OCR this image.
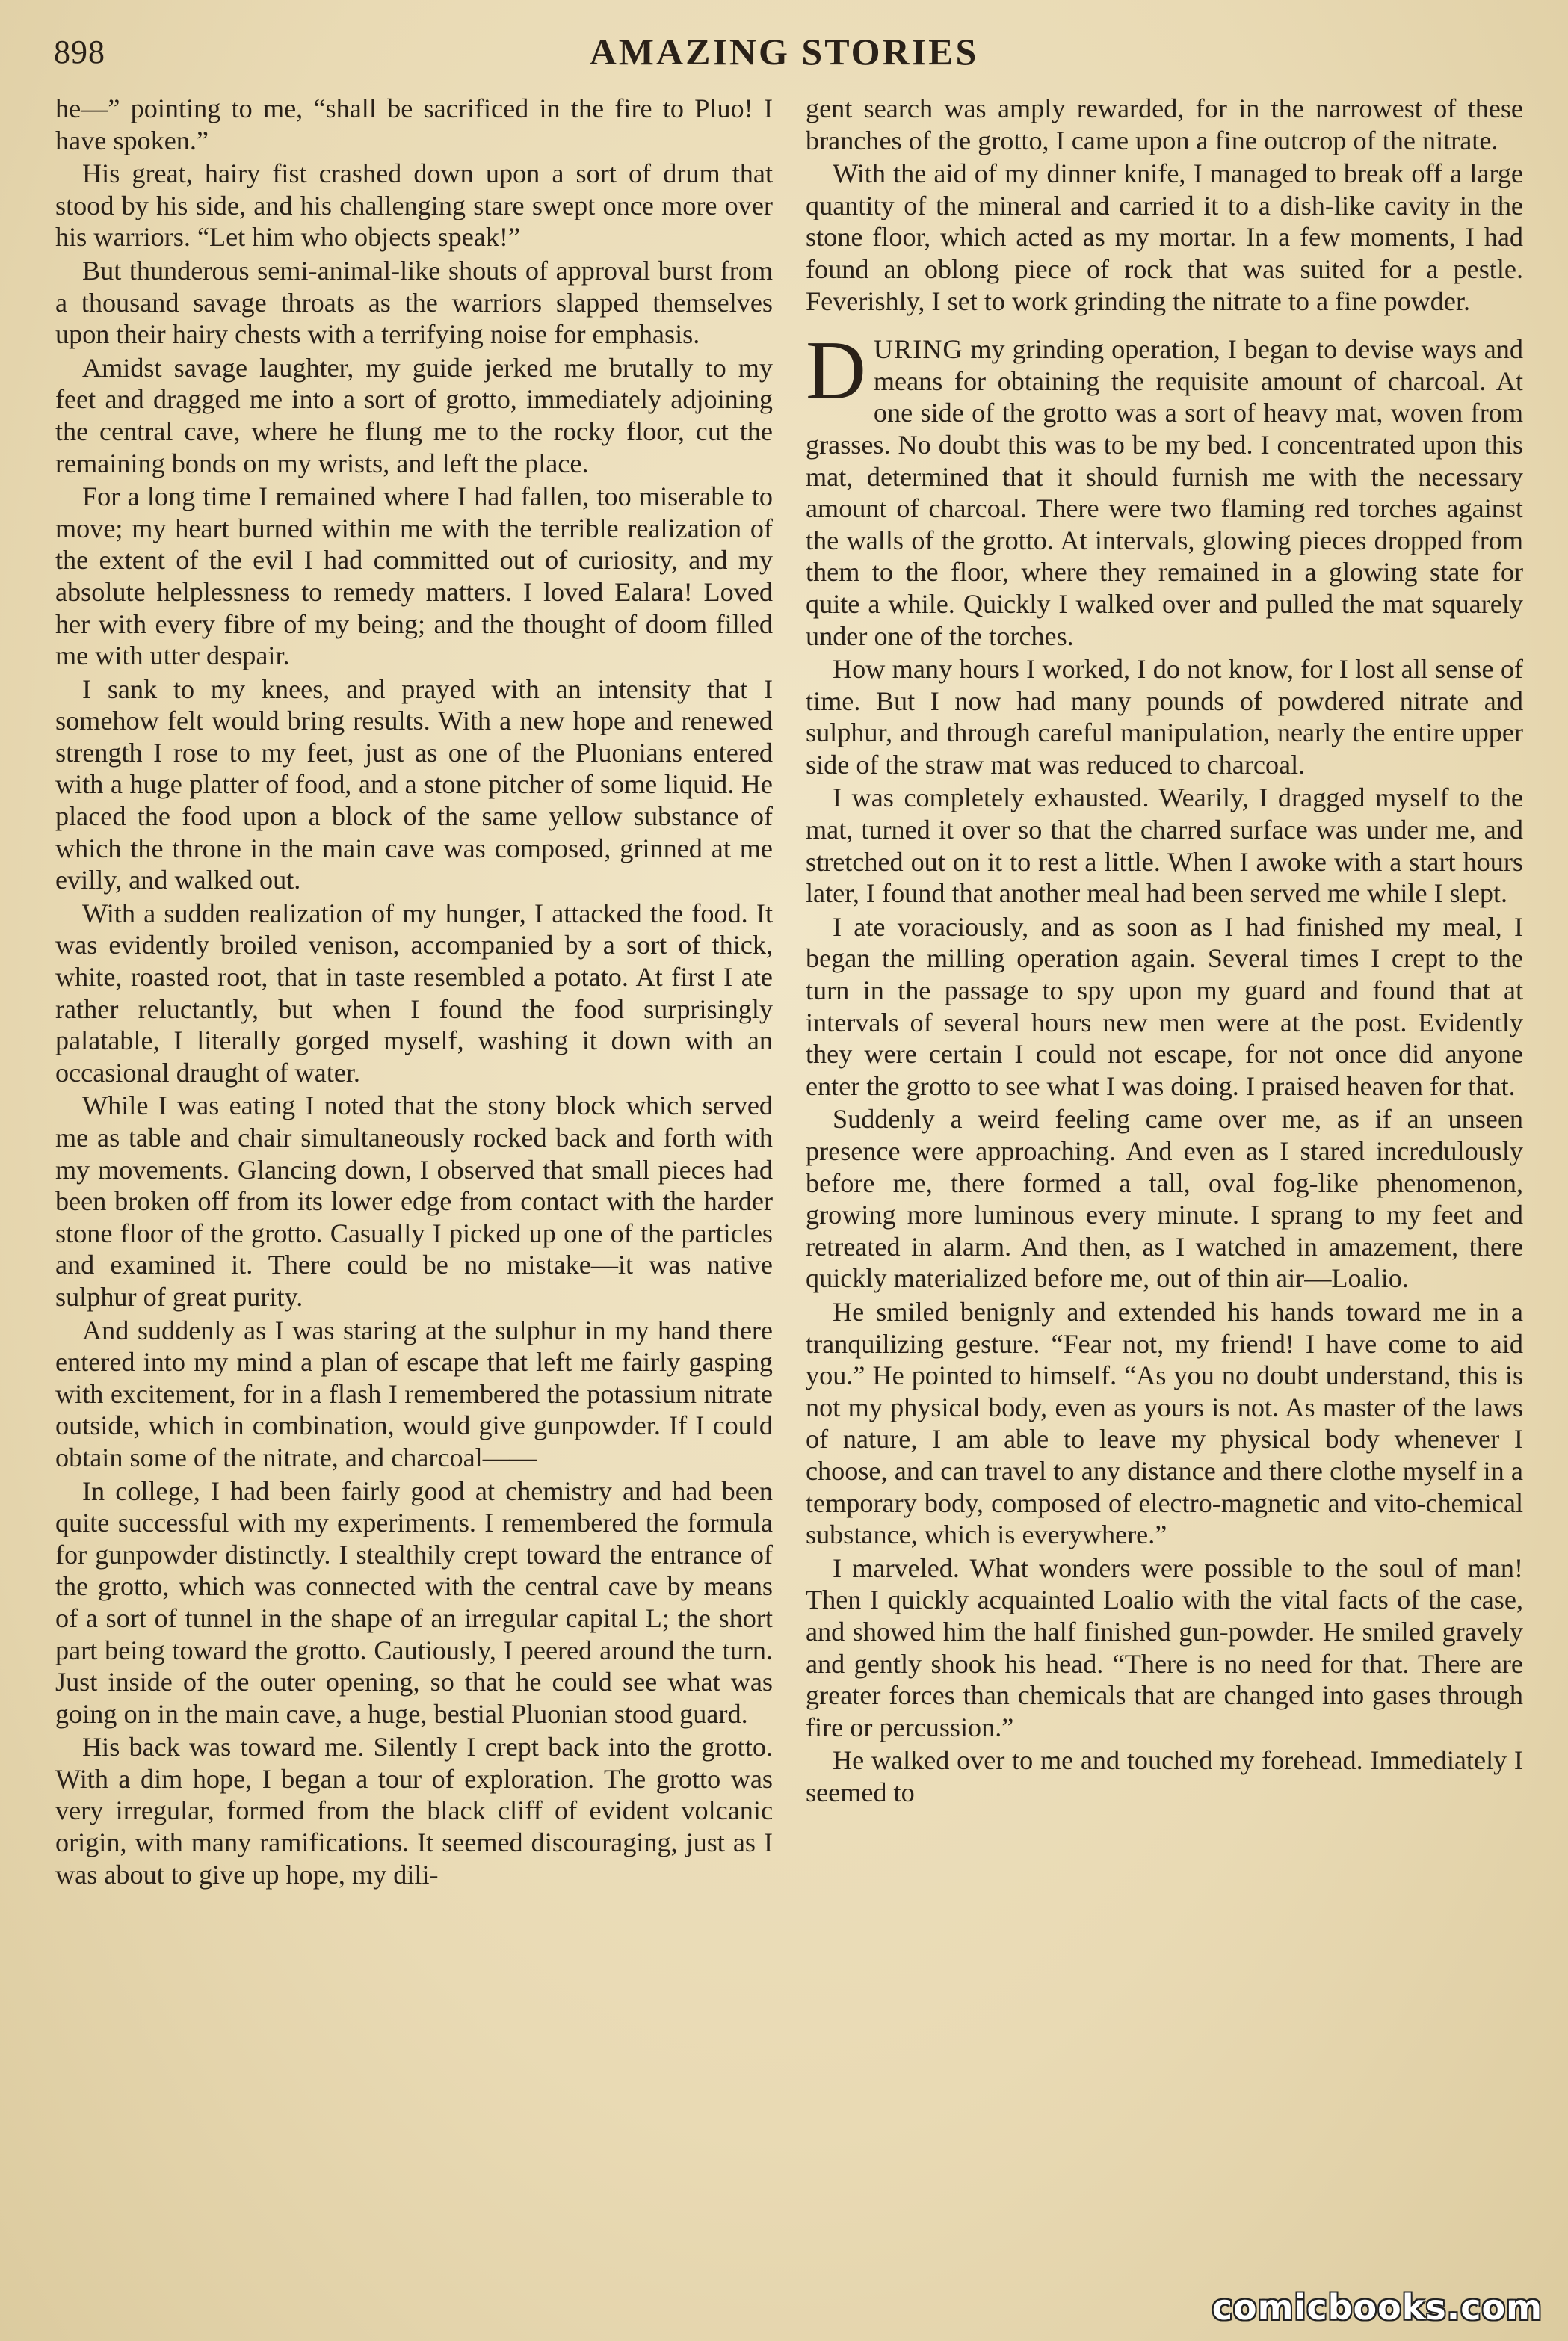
898	AMAZING STORIES

he—” pointing to me, “shall be sacrificed in the fire to Pluo! I have spoken.”

His great, hairy fist crashed down upon a sort of drum that stood by his side, and his challenging stare swept once more over his warriors. “Let him who objects speak!”

But thunderous semi-animal-like shouts of approval burst from a thousand savage throats as the warriors slapped themselves upon their hairy chests with a terrifying noise for emphasis.

Amidst savage laughter, my guide jerked me brutally to my feet and dragged me into a sort of grotto, immediately adjoining the central cave, where he flung me to the rocky floor, cut the remaining bonds on my wrists, and left the place.

For a long time I remained where I had fallen, too miserable to move; my heart burned within me with the terrible realization of the extent of the evil I had committed out of curiosity, and my absolute helplessness to remedy matters. I loved Ealara! Loved her with every fibre of my being; and the thought of doom filled me with utter despair.

I sank to my knees, and prayed with an intensity that I somehow felt would bring results. With a new hope and renewed strength I rose to my feet, just as one of the Pluonians entered with a huge platter of food, and a stone pitcher of some liquid. He placed the food upon a block of the same yellow substance of which the throne in the main cave was composed, grinned at me evilly, and walked out.

With a sudden realization of my hunger, I attacked the food. It was evidently broiled venison, accompanied by a sort of thick, white, roasted root, that in taste resembled a potato. At first I ate rather reluctantly, but when I found the food surprisingly palatable, I literally gorged myself, washing it down with an occasional draught of water.

While I was eating I noted that the stony block which served me as table and chair simultaneously rocked back and forth with my movements. Glancing down, I observed that small pieces had been broken off from its lower edge from contact with the harder stone floor of the grotto. Casually I picked up one of the particles and examined it. There could be no mistake—it was native sulphur of great purity.

And suddenly as I was staring at the sulphur in my hand there entered into my mind a plan of escape that left me fairly gasping with excitement, for in a flash I remembered the potassium nitrate outside, which in combination, would give gunpowder. If I could obtain some of the nitrate, and charcoal——

In college, I had been fairly good at chemistry and had been quite successful with my experiments. I remembered the formula for gunpowder distinctly. I stealthily crept toward the entrance of the grotto, which was connected with the central cave by means of a sort of tunnel in the shape of an irregular capital L; the short part being toward the grotto. Cautiously, I peered around the turn. Just inside of the outer opening, so that he could see what was going on in the main cave, a huge, bestial Pluonian stood guard.

His back was toward me. Silently I crept back into the grotto. With a dim hope, I began a tour of exploration. The grotto was very irregular, formed from the black cliff of evident volcanic origin, with many ramifications. It seemed discouraging, just as I was about to give up hope, my dili-

gent search was amply rewarded, for in the narrowest of these branches of the grotto, I came upon a fine outcrop of the nitrate.

With the aid of my dinner knife, I managed to break off a large quantity of the mineral and carried it to a dish-like cavity in the stone floor, which acted as my mortar. In a few moments, I had found an oblong piece of rock that was suited for a pestle. Feverishly, I set to work grinding the nitrate to a fine powder.

DURING my grinding operation, I began to devise ways and means for obtaining the requisite amount of charcoal. At one side of the grotto was a sort of heavy mat, woven from grasses. No doubt this was to be my bed. I concentrated upon this mat, determined that it should furnish me with the necessary amount of charcoal. There were two flaming red torches against the walls of the grotto. At intervals, glowing pieces dropped from them to the floor, where they remained in a glowing state for quite a while. Quickly I walked over and pulled the mat squarely under one of the torches.

How many hours I worked, I do not know, for I lost all sense of time. But I now had many pounds of powdered nitrate and sulphur, and through careful manipulation, nearly the entire upper side of the straw mat was reduced to charcoal.

I was completely exhausted. Wearily, I dragged myself to the mat, turned it over so that the charred surface was under me, and stretched out on it to rest a little. When I awoke with a start hours later, I found that another meal had been served me while I slept.

I ate voraciously, and as soon as I had finished my meal, I began the milling operation again. Several times I crept to the turn in the passage to spy upon my guard and found that at intervals of several hours new men were at the post. Evidently they were certain I could not escape, for not once did anyone enter the grotto to see what I was doing. I praised heaven for that.

Suddenly a weird feeling came over me, as if an unseen presence were approaching. And even as I stared incredulously before me, there formed a tall, oval fog-like phenomenon, growing more luminous every minute. I sprang to my feet and retreated in alarm. And then, as I watched in amazement, there quickly materialized before me, out of thin air—Loalio.

He smiled benignly and extended his hands toward me in a tranquilizing gesture. “Fear not, my friend! I have come to aid you.” He pointed to himself. “As you no doubt understand, this is not my physical body, even as yours is not. As master of the laws of nature, I am able to leave my physical body whenever I choose, and can travel to any distance and there clothe myself in a temporary body, composed of electro-magnetic and vito-chemical substance, which is everywhere.”

I marveled. What wonders were possible to the soul of man! Then I quickly acquainted Loalio with the vital facts of the case, and showed him the half finished gun-powder. He smiled gravely and gently shook his head. “There is no need for that. There are greater forces than chemicals that are changed into gases through fire or percussion.”

He walked over to me and touched my forehead. Immediately I seemed to

comicbooks.com
